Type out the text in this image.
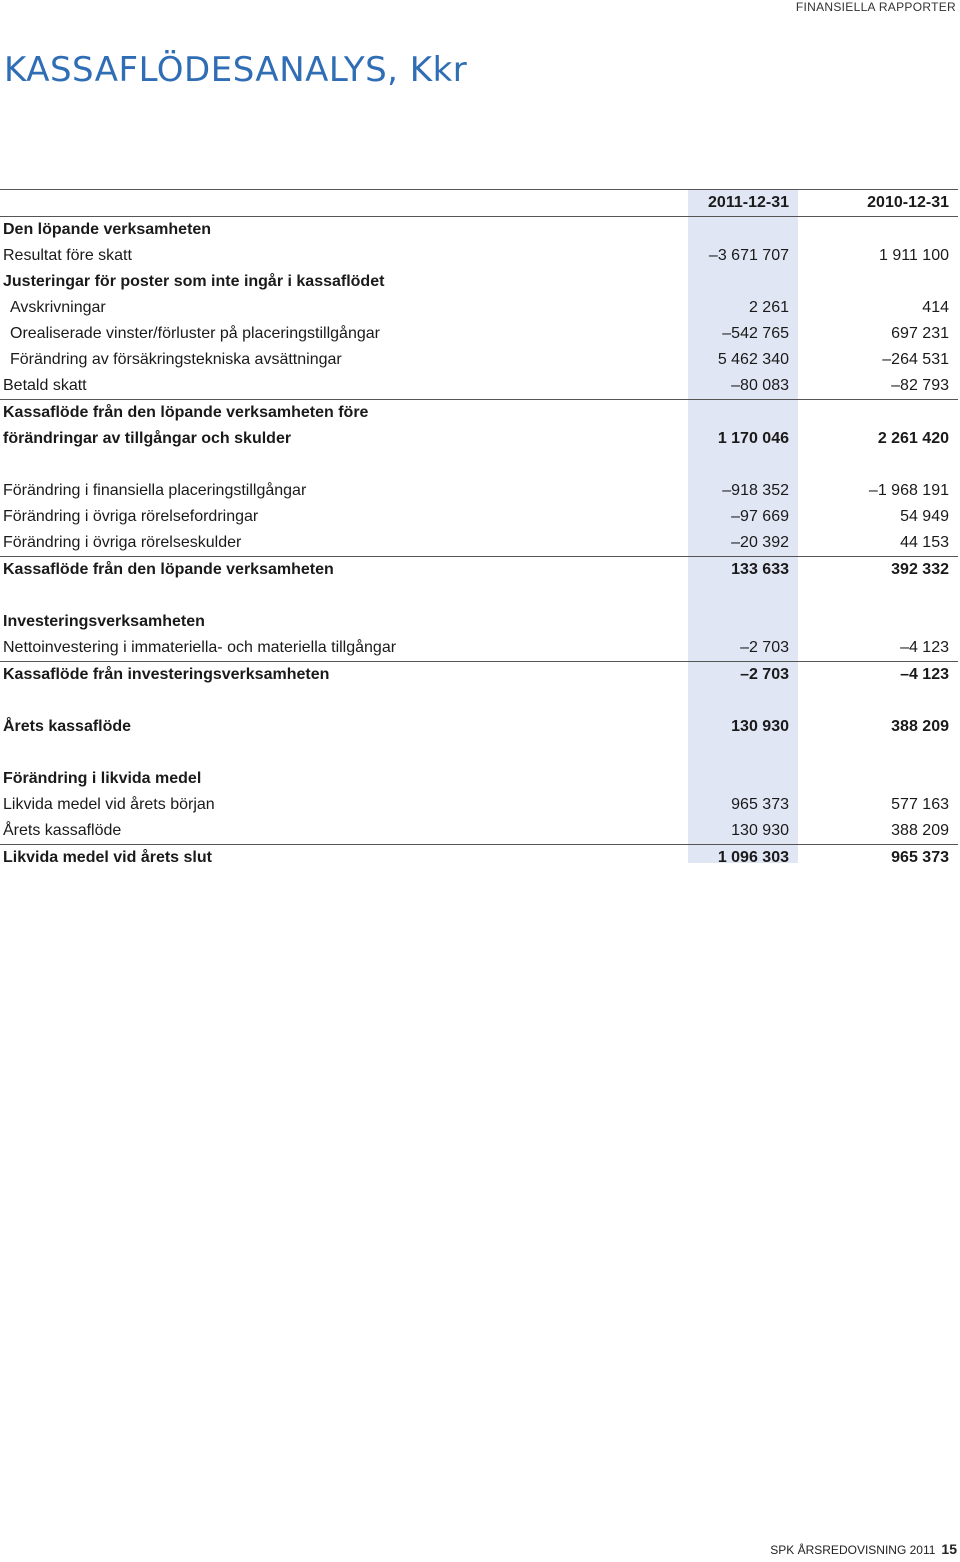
FINANSIELLA RAPPORTER
KASSAFLÖDESANALYS, Kkr
	2011-12-31	2010-12-31
Den löpande verksamheten		
Resultat före skatt	–3 671 707	1 911 100
Justeringar för poster som inte ingår i kassaflödet		
Avskrivningar	2 261	414
Orealiserade vinster/förluster på placeringstillgångar	–542 765	697 231
Förändring av försäkringstekniska avsättningar	5 462 340	–264 531
Betald skatt	–80 083	–82 793
Kassaflöde från den löpande verksamheten före		
förändringar av tillgångar och skulder	1 170 046	2 261 420

Förändring i finansiella placeringstillgångar	–918 352	–1 968 191
Förändring i övriga rörelsefordringar	–97 669	54 949
Förändring i övriga rörelseskulder	–20 392	44 153
Kassaflöde från den löpande verksamheten	133 633	392 332

Investeringsverksamheten		
Nettoinvestering i immateriella- och materiella tillgångar	–2 703	–4 123
Kassaflöde från investeringsverksamheten	–2 703	–4 123

Årets kassaflöde	130 930	388 209

Förändring i likvida medel		
Likvida medel vid årets början	965 373	577 163
Årets kassaflöde	130 930	388 209
Likvida medel vid årets slut	1 096 303	965 373
SPK ÅRSREDOVISNING 2011 15
